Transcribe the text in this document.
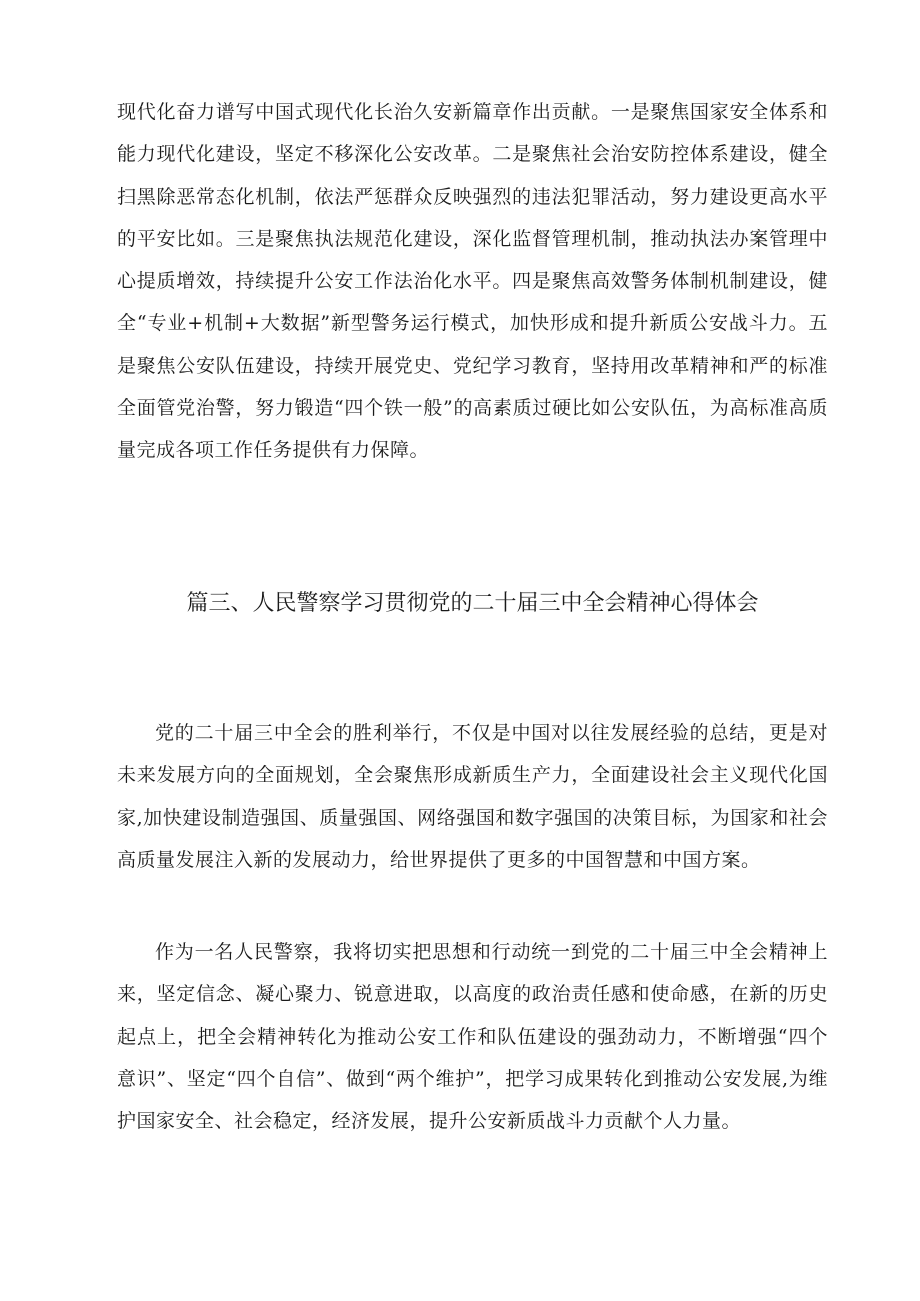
现代化奋力谱写中国式现代化长治久安新篇章作出贡献。一是聚焦国家安全体系和能力现代化建设，坚定不移深化公安改革。二是聚焦社会治安防控体系建设，健全扫黑除恶常态化机制，依法严惩群众反映强烈的违法犯罪活动，努力建设更高水平的平安比如。三是聚焦执法规范化建设，深化监督管理机制，推动执法办案管理中心提质增效，持续提升公安工作法治化水平。四是聚焦高效警务体制机制建设，健全“专业+机制+大数据”新型警务运行模式，加快形成和提升新质公安战斗力。五是聚焦公安队伍建设，持续开展党史、党纪学习教育，坚持用改革精神和严的标准全面管党治警，努力锻造“四个铁一般”的高素质过硬比如公安队伍，为高标准高质量完成各项工作任务提供有力保障。

篇三、人民警察学习贯彻党的二十届三中全会精神心得体会

党的二十届三中全会的胜利举行，不仅是中国对以往发展经验的总结，更是对未来发展方向的全面规划，全会聚焦形成新质生产力，全面建设社会主义现代化国家,加快建设制造强国、质量强国、网络强国和数字强国的决策目标，为国家和社会高质量发展注入新的发展动力，给世界提供了更多的中国智慧和中国方案。

作为一名人民警察，我将切实把思想和行动统一到党的二十届三中全会精神上来，坚定信念、凝心聚力、锐意进取，以高度的政治责任感和使命感，在新的历史起点上，把全会精神转化为推动公安工作和队伍建设的强劲动力，不断增强“四个意识”、坚定“四个自信”、做到“两个维护”，把学习成果转化到推动公安发展,为维护国家安全、社会稳定，经济发展，提升公安新质战斗力贡献个人力量。
